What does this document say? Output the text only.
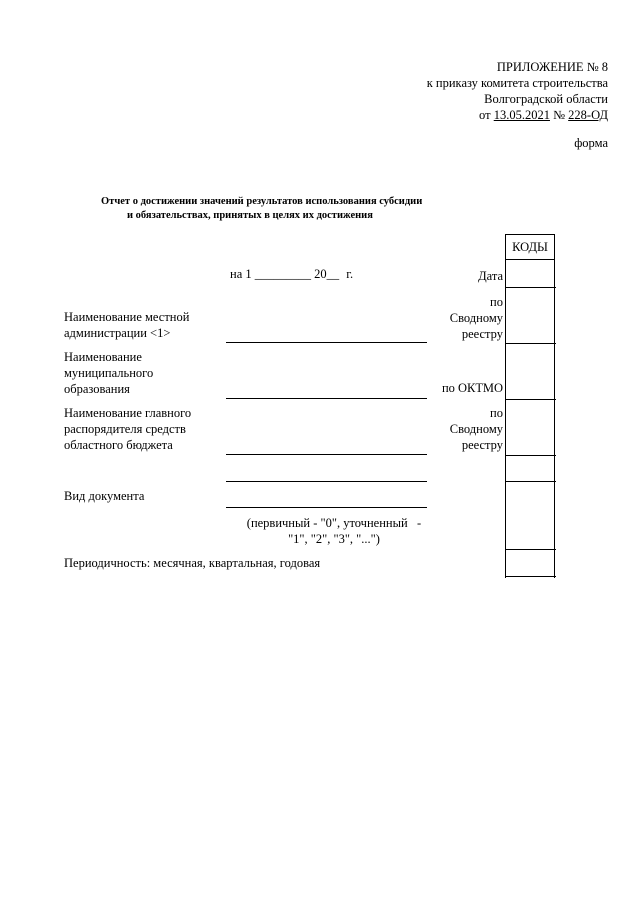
ПРИЛОЖЕНИЕ № 8
к приказу комитета строительства
Волгоградской области
от 13.05.2021 № 228-ОД
форма
Отчет о достижении значений результатов использования субсидии
и обязательствах, принятых в целях их достижения
КОДЫ
на 1 _________ 20__ г.	Дата
Наименование местной
администрации <1>
по
Сводному
реестру
Наименование
муниципального
образования	по ОКТМО
Наименование главного
распорядителя средств
областного бюджета
по
Сводному
реестру
Вид документа
(первичный - "0", уточненный   -
"1", "2", "3", "...")
Периодичность: месячная, квартальная, годовая
